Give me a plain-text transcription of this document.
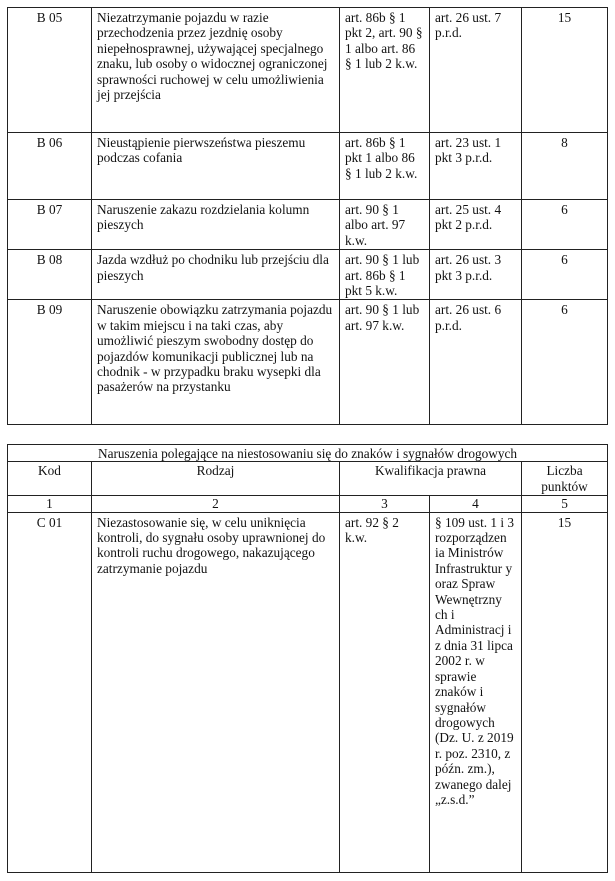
B 05	Niezatrzymanie pojazdu w razie przechodzenia przez jezdnię osoby niepełnosprawnej, używającej specjalnego znaku, lub osoby o widocznej ograniczonej sprawności ruchowej w celu umożliwienia jej przejścia	art. 86b § 1 pkt 2, art. 90 § 1 albo art. 86 § 1 lub 2 k.w.	art. 26 ust. 7 p.r.d.	15
B 06	Nieustąpienie pierwszeństwa pieszemu podczas cofania	art. 86b § 1 pkt 1 albo 86 § 1 lub 2 k.w.	art. 23 ust. 1 pkt 3 p.r.d.	8
B 07	Naruszenie zakazu rozdzielania kolumn pieszych	art. 90 § 1 albo art. 97 k.w.	art. 25 ust. 4 pkt 2 p.r.d.	6
B 08	Jazda wzdłuż po chodniku lub przejściu dla pieszych	art. 90 § 1 lub art. 86b § 1 pkt 5 k.w.	art. 26 ust. 3 pkt 3 p.r.d.	6
B 09	Naruszenie obowiązku zatrzymania pojazdu w takim miejscu i na taki czas, aby umożliwić pieszym swobodny dostęp do pojazdów komunikacji publicznej lub na chodnik - w przypadku braku wysepki dla pasażerów na przystanku	art. 90 § 1 lub art. 97 k.w.	art. 26 ust. 6 p.r.d.	6
Naruszenia polegające na niestosowaniu się do znaków i sygnałów drogowych				
Kod	Rodzaj	Kwalifikacja prawna		Liczba punktów
1	2	3	4	5
C 01	Niezastosowanie się, w celu uniknięcia kontroli, do sygnału osoby uprawnionej do kontroli ruchu drogowego, nakazującego zatrzymanie pojazdu	art. 92 § 2 k.w.	§ 109 ust. 1 i 3 rozporządzen ia Ministrów Infrastruktur y oraz Spraw Wewnętrzny ch i Administracj i z dnia 31 lipca 2002 r. w sprawie znaków i sygnałów drogowych (Dz. U. z 2019 r. poz. 2310, z późn. zm.), zwanego dalej „z.s.d.”	15
